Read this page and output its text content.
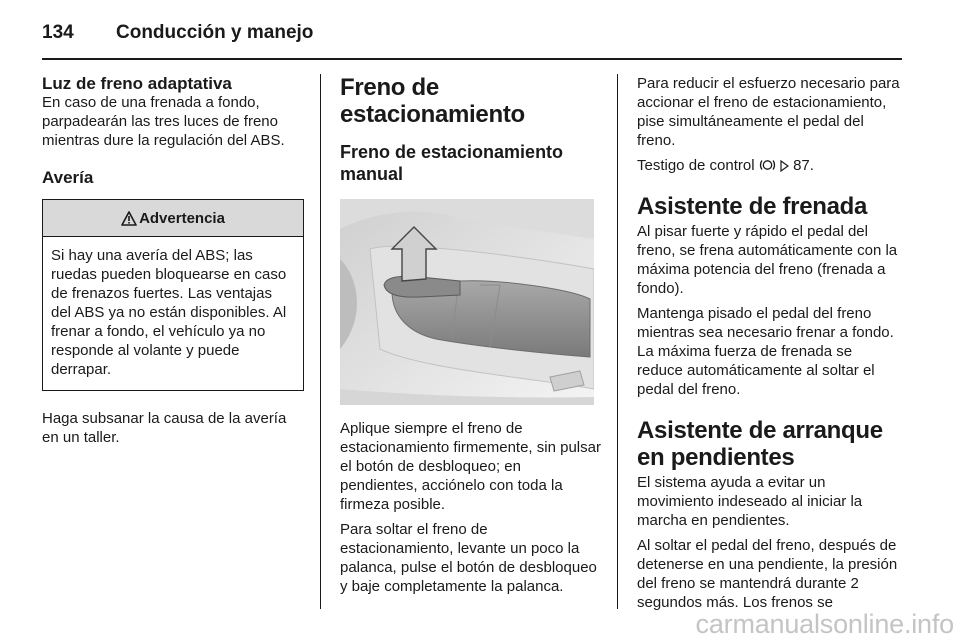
134	Conducción y manejo
Luz de freno adaptativa

En caso de una frenada a fondo, parpadearán las tres luces de freno mientras dure la regulación del ABS.

Avería
Advertencia
Si hay una avería del ABS; las ruedas pueden bloquearse en caso de frenazos fuertes. Las ventajas del ABS ya no están disponibles. Al frenar a fondo, el vehículo ya no responde al volante y puede derrapar.

Haga subsanar la causa de la avería en un taller.

Freno de estacionamiento
Freno de estacionamiento manual

Aplique siempre el freno de estacionamiento firmemente, sin pulsar el botón de desbloqueo; en pendientes, acciónelo con toda la firmeza posible.

Para soltar el freno de estacionamiento, levante un poco la palanca, pulse el botón de desbloqueo y baje completamente la palanca.

Para reducir el esfuerzo necesario para accionar el freno de estacionamiento, pise simultáneamente el pedal del freno.

Testigo de control	87.

Asistente de frenada

Al pisar fuerte y rápido el pedal del freno, se frena automáticamente con la máxima potencia del freno (frenada a fondo).

Mantenga pisado el pedal del freno mientras sea necesario frenar a fondo. La máxima fuerza de frenada se reduce automáticamente al soltar el pedal del freno.

Asistente de arranque en pendientes

El sistema ayuda a evitar un movimiento indeseado al iniciar la marcha en pendientes.

Al soltar el pedal del freno, después de detenerse en una pendiente, la presión del freno se mantendrá durante 2 segundos más. Los frenos se

carmanualsonline.info
